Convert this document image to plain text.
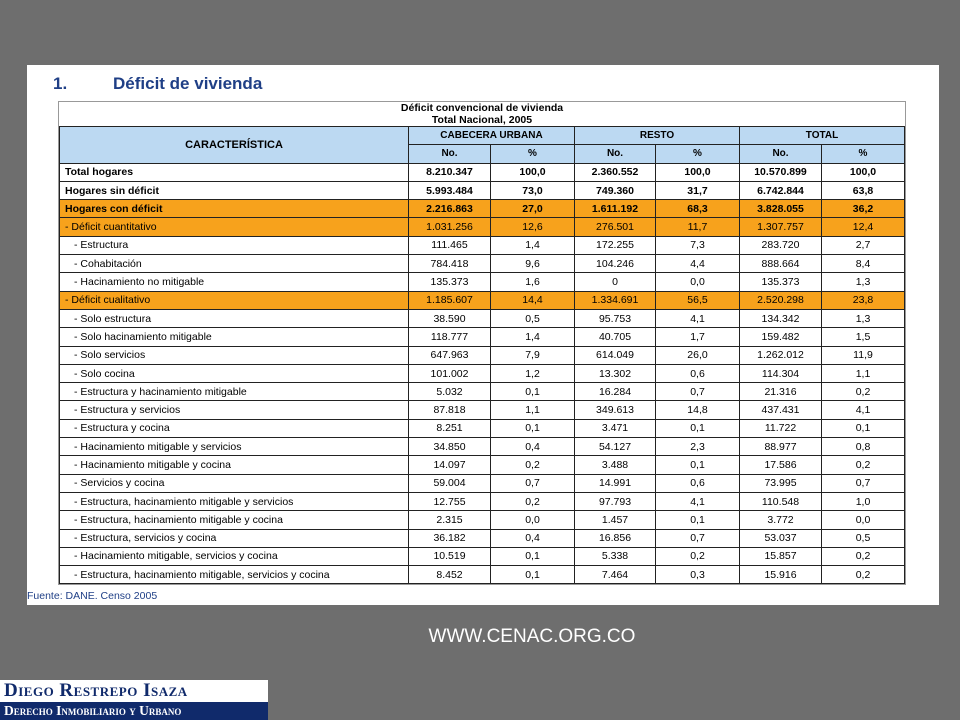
1.	Déficit de vivienda
Déficit convencional de vivienda						
Total Nacional, 2005						
CARACTERÍSTICA	CABECERA URBANA		RESTO		TOTAL	
	No.	%	No.	%	No.	%
Total hogares	8.210.347	100,0	2.360.552	100,0	10.570.899	100,0
Hogares sin déficit	5.993.484	73,0	749.360	31,7	6.742.844	63,8
Hogares con déficit	2.216.863	27,0	1.611.192	68,3	3.828.055	36,2
- Déficit cuantitativo	1.031.256	12,6	276.501	11,7	1.307.757	12,4
- Estructura	111.465	1,4	172.255	7,3	283.720	2,7
- Cohabitación	784.418	9,6	104.246	4,4	888.664	8,4
- Hacinamiento no mitigable	135.373	1,6	0	0,0	135.373	1,3
- Déficit cualitativo	1.185.607	14,4	1.334.691	56,5	2.520.298	23,8
- Solo estructura	38.590	0,5	95.753	4,1	134.342	1,3
- Solo hacinamiento mitigable	118.777	1,4	40.705	1,7	159.482	1,5
- Solo servicios	647.963	7,9	614.049	26,0	1.262.012	11,9
- Solo cocina	101.002	1,2	13.302	0,6	114.304	1,1
- Estructura y hacinamiento mitigable	5.032	0,1	16.284	0,7	21.316	0,2
- Estructura y servicios	87.818	1,1	349.613	14,8	437.431	4,1
- Estructura y cocina	8.251	0,1	3.471	0,1	11.722	0,1
- Hacinamiento mitigable y servicios	34.850	0,4	54.127	2,3	88.977	0,8
- Hacinamiento mitigable y cocina	14.097	0,2	3.488	0,1	17.586	0,2
- Servicios y cocina	59.004	0,7	14.991	0,6	73.995	0,7
- Estructura, hacinamiento mitigable y servicios	12.755	0,2	97.793	4,1	110.548	1,0
- Estructura, hacinamiento mitigable y cocina	2.315	0,0	1.457	0,1	3.772	0,0
- Estructura, servicios y cocina	36.182	0,4	16.856	0,7	53.037	0,5
- Hacinamiento mitigable, servicios y cocina	10.519	0,1	5.338	0,2	15.857	0,2
- Estructura, hacinamiento mitigable, servicios y cocina	8.452	0,1	7.464	0,3	15.916	0,2
Fuente: DANE. Censo 2005
WWW.CENAC.ORG.CO
Diego Restrepo Isaza
Derecho Inmobiliario y Urbano
